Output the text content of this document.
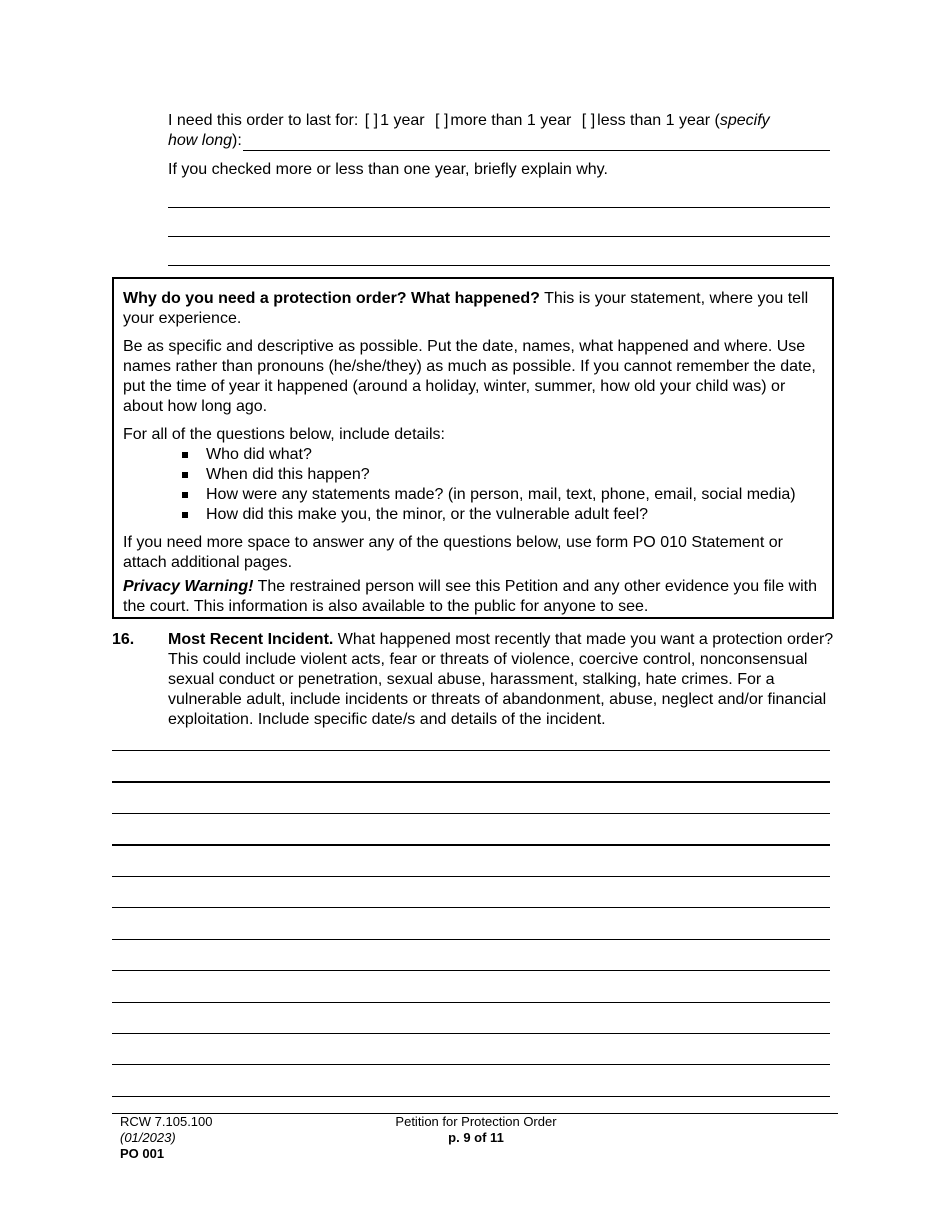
I need this order to last for: [ ] 1 year [ ] more than 1 year [ ] less than 1 year (specify
how long ):
If you checked more or less than one year, briefly explain why.

Why do you need a protection order? What happened? This is your statement, where you tell your experience.

Be as specific and descriptive as possible. Put the date, names, what happened and where. Use names rather than pronouns (he/she/they) as much as possible. If you cannot remember the date, put the time of year it happened (around a holiday, winter, summer, how old your child was) or about how long ago.

For all of the questions below, include details:

Who did what?
When did this happen?
How were any statements made? (in person, mail, text, phone, email, social media)
How did this make you, the minor, or the vulnerable adult feel?

If you need more space to answer any of the questions below, use form PO 010 Statement or attach additional pages.

Privacy Warning! The restrained person will see this Petition and any other evidence you file with the court. This information is also available to the public for anyone to see.

16. Most Recent Incident. What happened most recently that made you want a protection order? This could include violent acts, fear or threats of violence, coercive control, nonconsensual sexual conduct or penetration, sexual abuse, harassment, stalking, hate crimes. For a vulnerable adult, include incidents or threats of abandonment, abuse, neglect and/or financial exploitation. Include specific date/s and details of the incident.
RCW 7.105.100
(01/2023)
PO 001
Petition for Protection Order
p. 9 of 11
